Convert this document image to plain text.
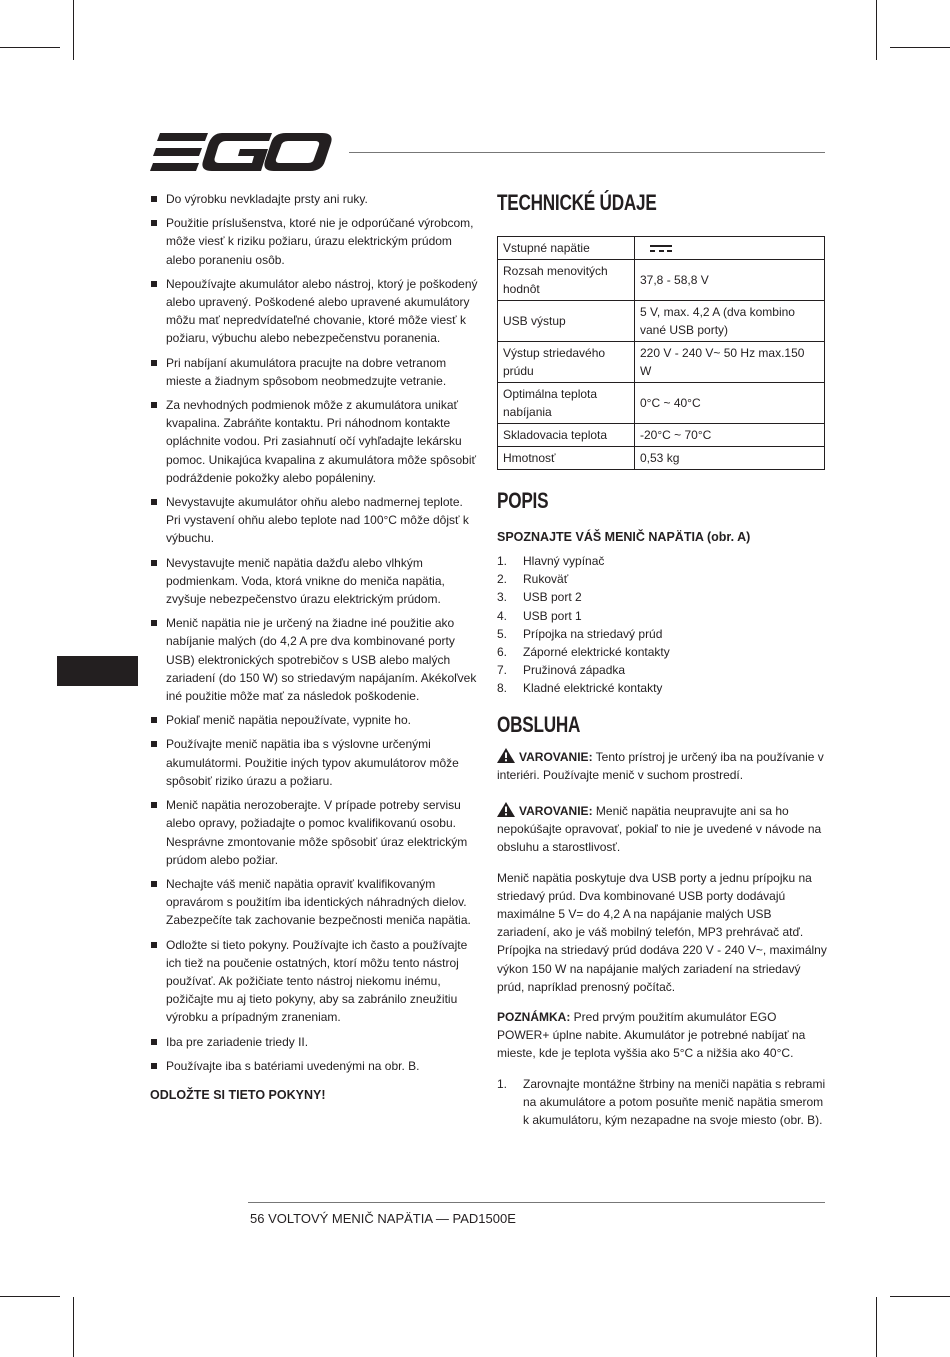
Do výrobku nevkladajte prsty ani ruky.
Použitie príslušenstva, ktoré nie je odporúčané výrobcom, môže viesť k riziku požiaru, úrazu elektrickým prúdom alebo poraneniu osôb.
Nepoužívajte akumulátor alebo nástroj, ktorý je poškodený alebo upravený. Poškodené alebo upravené akumulátory môžu mať nepredvídateľné chovanie, ktoré môže viesť k požiaru, výbuchu alebo nebezpečenstvu poranenia.
Pri nabíjaní akumulátora pracujte na dobre vetranom mieste a žiadnym spôsobom neobmedzujte vetranie.
Za nevhodných podmienok môže z akumulátora unikať kvapalina. Zabráňte kontaktu. Pri náhodnom kontakte opláchnite vodou. Pri zasiahnutí očí vyhľadajte lekársku pomoc. Unikajúca kvapalina z akumulátora môže spôsobiť podráždenie pokožky alebo popáleniny.
Nevystavujte akumulátor ohňu alebo nadmernej teplote. Pri vystavení ohňu alebo teplote nad 100°C môže dôjsť k výbuchu.
Nevystavujte menič napätia dažďu alebo vlhkým podmienkam. Voda, ktorá vnikne do meniča napätia, zvyšuje nebezpečenstvo úrazu elektrickým prúdom.
Menič napätia nie je určený na žiadne iné použitie ako nabíjanie malých (do 4,2 A pre dva kombinované porty USB) elektronických spotrebičov s USB alebo malých zariadení (do 150 W) so striedavým napájaním. Akékoľvek iné použitie môže mať za následok poškodenie.
Pokiaľ menič napätia nepoužívate, vypnite ho.
Používajte menič napätia iba s výslovne určenými akumulátormi. Použitie iných typov akumulátorov môže spôsobiť riziko úrazu a požiaru.
Menič napätia nerozoberajte. V prípade potreby servisu alebo opravy, požiadajte o pomoc kvalifikovanú osobu. Nesprávne zmontovanie môže spôsobiť úraz elektrickým prúdom alebo požiar.
Nechajte váš menič napätia opraviť kvalifikovaným opravárom s použitím iba identických náhradných dielov. Zabezpečíte tak zachovanie bezpečnosti meniča napätia.
Odložte si tieto pokyny. Používajte ich často a používajte ich tiež na poučenie ostatných, ktorí môžu tento nástroj používať. Ak požičiate tento nástroj niekomu inému, požičajte mu aj tieto pokyny, aby sa zabránilo zneužitiu výrobku a prípadným zraneniam.
Iba pre zariadenie triedy II.
Používajte iba s batériami uvedenými na obr. B.
ODLOŽTE SI TIETO POKYNY!
TECHNICKÉ ÚDAJE
Vstupné napätie	

Rozsah menovitých hodnôt	37,8 - 58,8 V
USB výstup	5 V, max. 4,2 A (dva kombino vané USB porty)
Výstup striedavého prúdu	220 V - 240 V~ 50 Hz max.150 W
Optimálna teplota nabíjania	0°C ~ 40°C
Skladovacia teplota	-20°C ~ 70°C
Hmotnosť	0,53 kg
POPIS
SPOZNAJTE VÁŠ MENIČ NAPÄTIA (obr. A)
1.	Hlavný vypínač
2.	Rukoväť
3.	USB port 2
4.	USB port 1
5.	Prípojka na striedavý prúd
6.	Záporné elektrické kontakty
7.	Pružinová západka
8.	Kladné elektrické kontakty
OBSLUHA

VAROVANIE: Tento prístroj je určený iba na používanie v interiéri. Používajte menič v suchom prostredí.

VAROVANIE: Menič napätia neupravujte ani sa ho nepokúšajte opravovať, pokiaľ to nie je uvedené v návode na obsluhu a starostlivosť.

Menič napätia poskytuje dva USB porty a jednu prípojku na striedavý prúd. Dva kombinované USB porty dodávajú maximálne 5 V= do 4,2 A na napájanie malých USB zariadení, ako je váš mobilný telefón, MP3 prehrávač atď. Prípojka na striedavý prúd dodáva 220 V - 240 V~, maximálny výkon 150 W na napájanie malých zariadení na striedavý prúd, napríklad prenosný počítač.

POZNÁMKA: Pred prvým použitím akumulátor EGO POWER+ úplne nabite. Akumulátor je potrebné nabíjať na mieste, kde je teplota vyššia ako 5°C a nižšia ako 40°C.

1.	Zarovnajte montážne štrbiny na meniči napätia s rebrami na akumulátore a potom posuňte menič napätia smerom k akumulátoru, kým nezapadne na svoje miesto (obr. B).
56 VOLTOVÝ MENIČ NAPÄTIA — PAD1500E
